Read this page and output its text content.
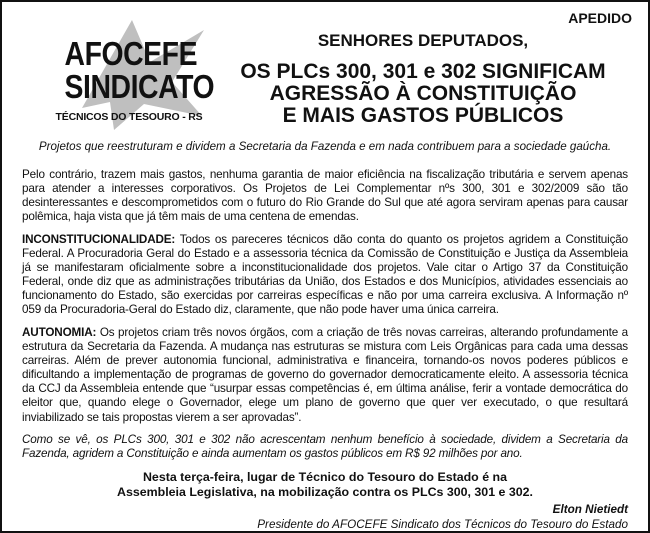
APEDIDO
AFOCEFE
SINDICATO
TÉCNICOS DO TESOURO - RS
SENHORES DEPUTADOS,
OS PLCs 300, 301 e 302 SIGNIFICAM
AGRESSÃO À CONSTITUIÇÃO
E MAIS GASTOS PÚBLICOS
Projetos que reestruturam e dividem a Secretaria da Fazenda e em nada contribuem para a sociedade gaúcha.

Pelo contrário, trazem mais gastos, nenhuma garantia de maior eficiência na fiscalização tributária e servem apenas para atender a interesses corporativos. Os Projetos de Lei Complementar nºs 300, 301 e 302/2009 são tão desinteressantes e descomprometidos com o futuro do Rio Grande do Sul que até agora serviram apenas para causar polêmica, haja vista que já têm mais de uma centena de emendas.

INCONSTITUCIONALIDADE: Todos os pareceres técnicos dão conta do quanto os projetos agridem a Constituição Federal. A Procuradoria Geral do Estado e a assessoria técnica da Comissão de Constituição e Justiça da Assembleia já se manifestaram oficialmente sobre a inconstitucionalidade dos projetos. Vale citar o Artigo 37 da Constituição Federal, onde diz que as administrações tributárias da União, dos Estados e dos Municípios, atividades essenciais ao funcionamento do Estado, são exercidas por carreiras específicas e não por uma carreira exclusiva. A Informação nº 059 da Procuradoria-Geral do Estado diz, claramente, que não pode haver uma única carreira.

AUTONOMIA: Os projetos criam três novos órgãos, com a criação de três novas carreiras, alterando profundamente a estrutura da Secretaria da Fazenda. A mudança nas estruturas se mistura com Leis Orgânicas para cada uma dessas carreiras. Além de prever autonomia funcional, administrativa e financeira, tornando-os novos poderes públicos e dificultando a implementação de programas de governo do governador democraticamente eleito. A assessoria técnica da CCJ da Assembleia entende que “usurpar essas competências é, em última análise, ferir a vontade democrática do eleitor que, quando elege o Governador, elege um plano de governo que quer ver executado, o que resultará inviabilizado se tais propostas vierem a ser aprovadas”.

Como se vê, os PLCs 300, 301 e 302 não acrescentam nenhum benefício à sociedade, dividem a Secretaria da Fazenda, agridem a Constituição e ainda aumentam os gastos públicos em R$ 92 milhões por ano.

Nesta terça-feira, lugar de Técnico do Tesouro do Estado é na
Assembleia Legislativa, na mobilização contra os PLCs 300, 301 e 302.
Elton Nietiedt
Presidente do AFOCEFE Sindicato dos Técnicos do Tesouro do Estado
